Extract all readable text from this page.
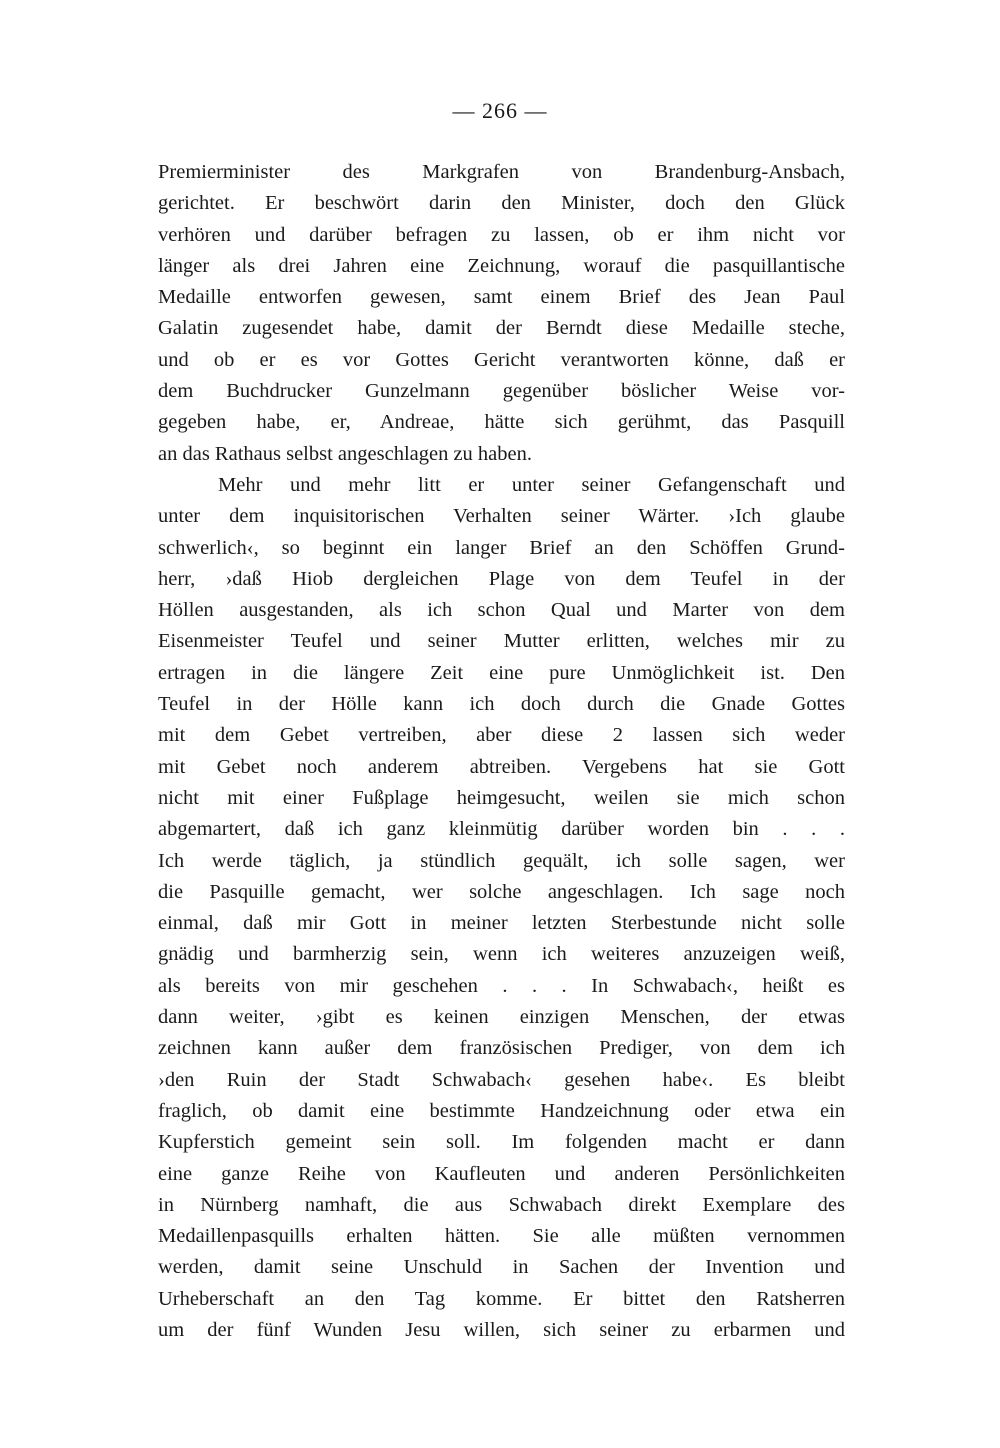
— 266 —
Premierminister des Markgrafen von Brandenburg-Ansbach,
gerichtet. Er beschwört darin den Minister, doch den Glück
verhören und darüber befragen zu lassen, ob er ihm nicht vor
länger als drei Jahren eine Zeichnung, worauf die pasquillantische
Medaille entworfen gewesen, samt einem Brief des Jean Paul
Galatin zugesendet habe, damit der Berndt diese Medaille steche,
und ob er es vor Gottes Gericht verantworten könne, daß er
dem Buchdrucker Gunzelmann gegenüber böslicher Weise vor-
gegeben habe, er, Andreae, hätte sich gerühmt, das Pasquill
an das Rathaus selbst angeschlagen zu haben.
Mehr und mehr litt er unter seiner Gefangenschaft und
unter dem inquisitorischen Verhalten seiner Wärter. ›Ich glaube
schwerlich‹, so beginnt ein langer Brief an den Schöffen Grund-
herr, ›daß Hiob dergleichen Plage von dem Teufel in der
Höllen ausgestanden, als ich schon Qual und Marter von dem
Eisenmeister Teufel und seiner Mutter erlitten, welches mir zu
ertragen in die längere Zeit eine pure Unmöglichkeit ist. Den
Teufel in der Hölle kann ich doch durch die Gnade Gottes
mit dem Gebet vertreiben, aber diese 2 lassen sich weder
mit Gebet noch anderem abtreiben. Vergebens hat sie Gott
nicht mit einer Fußplage heimgesucht, weilen sie mich schon
abgemartert, daß ich ganz kleinmütig darüber worden bin . . .
Ich werde täglich, ja stündlich gequält, ich solle sagen, wer
die Pasquille gemacht, wer solche angeschlagen. Ich sage noch
einmal, daß mir Gott in meiner letzten Sterbestunde nicht solle
gnädig und barmherzig sein, wenn ich weiteres anzuzeigen weiß,
als bereits von mir geschehen . . . In Schwabach‹, heißt es
dann weiter, ›gibt es keinen einzigen Menschen, der etwas
zeichnen kann außer dem französischen Prediger, von dem ich
›den Ruin der Stadt Schwabach‹ gesehen habe‹. Es bleibt
fraglich, ob damit eine bestimmte Handzeichnung oder etwa ein
Kupferstich gemeint sein soll. Im folgenden macht er dann
eine ganze Reihe von Kaufleuten und anderen Persönlichkeiten
in Nürnberg namhaft, die aus Schwabach direkt Exemplare des
Medaillenpasquills erhalten hätten. Sie alle müßten vernommen
werden, damit seine Unschuld in Sachen der Invention und
Urheberschaft an den Tag komme. Er bittet den Ratsherren
um der fünf Wunden Jesu willen, sich seiner zu erbarmen und
